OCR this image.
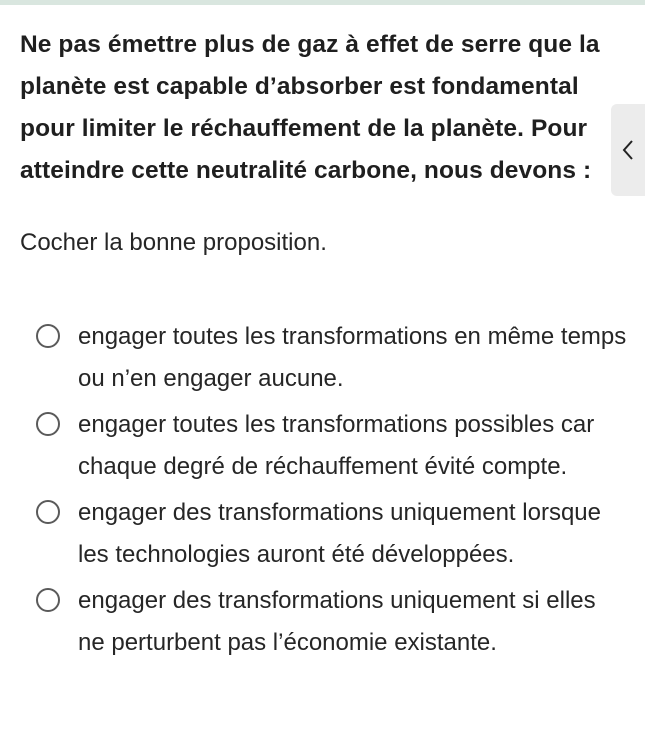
Ne pas émettre plus de gaz à effet de serre que la planète est capable d’absorber est fondamental pour limiter le réchauffement de la planète. Pour atteindre cette neutralité carbone, nous devons :
Cocher la bonne proposition.
engager toutes les transformations en même temps ou n’en engager aucune.
engager toutes les transformations possibles car chaque degré de réchauffement évité compte.
engager des transformations uniquement lorsque les technologies auront été développées.
engager des transformations uniquement si elles ne perturbent pas l’économie existante.
